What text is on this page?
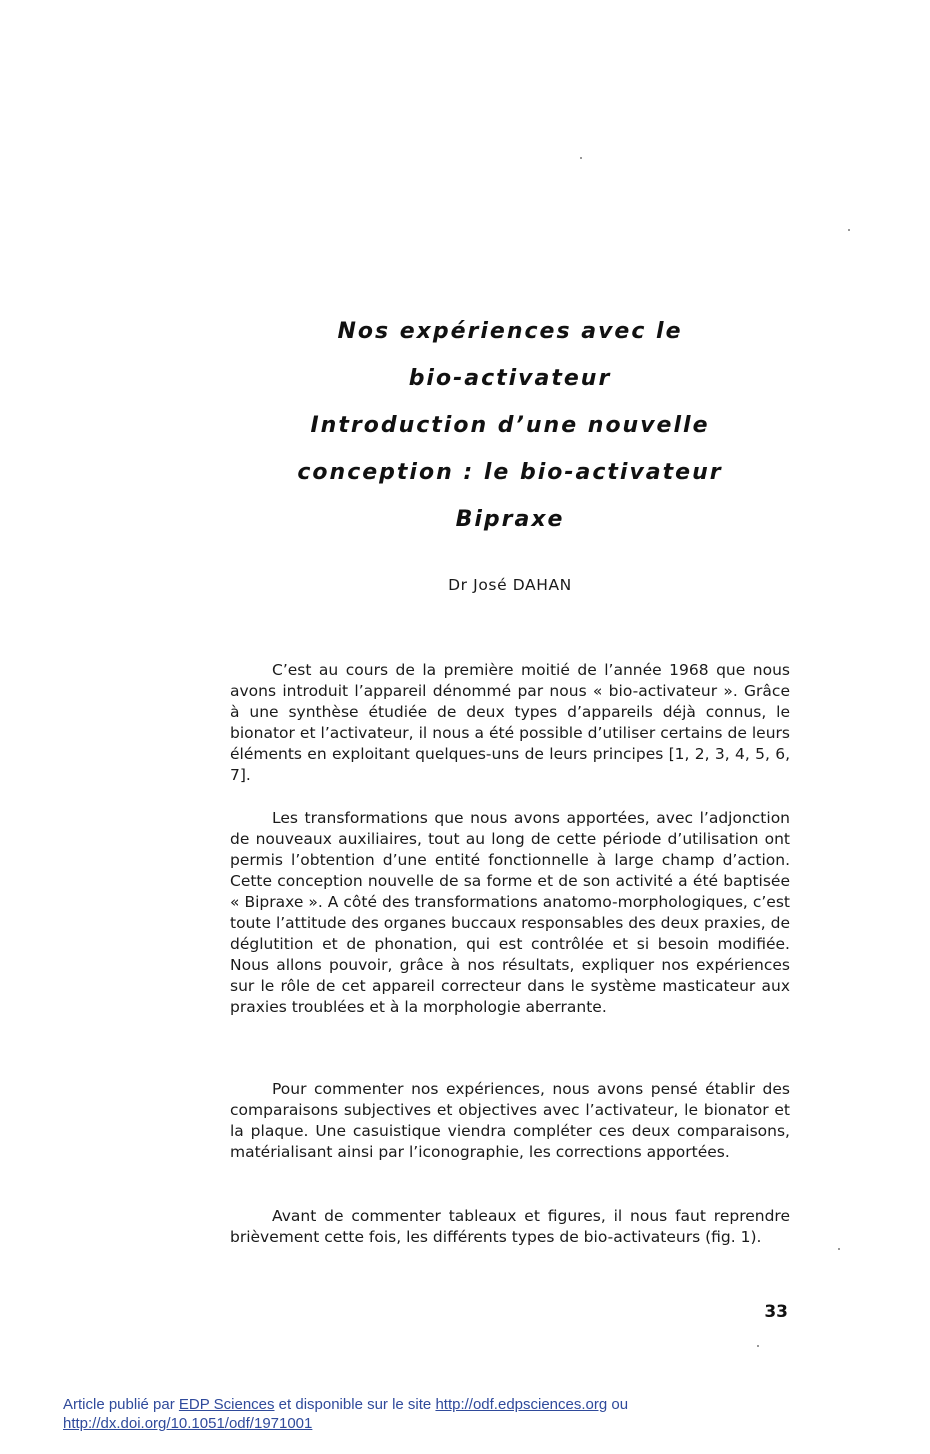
Nos expériences avec le
bio-activateur
Introduction d’une nouvelle
conception : le bio-activateur
Bipraxe
Dr José DAHAN

C’est au cours de la première moitié de l’année 1968 que nous avons introduit l’appareil dénommé par nous « bio-activateur ». Grâce à une synthèse étudiée de deux types d’appareils déjà connus, le bionator et l’activateur, il nous a été possible d’utiliser certains de leurs éléments en exploitant quelques-uns de leurs principes [1, 2, 3, 4, 5, 6, 7].

Les transformations que nous avons apportées, avec l’adjonction de nouveaux auxiliaires, tout au long de cette période d’utilisation ont permis l’obtention d’une entité fonctionnelle à large champ d’action. Cette conception nouvelle de sa forme et de son activité a été baptisée « Bipraxe ». A côté des transformations anatomo-morphologiques, c’est toute l’attitude des organes buccaux responsables des deux praxies, de déglutition et de phonation, qui est contrôlée et si besoin modifiée. Nous allons pouvoir, grâce à nos résultats, expliquer nos expériences sur le rôle de cet appareil correcteur dans le système masticateur aux praxies troublées et à la morphologie aberrante.

Pour commenter nos expériences, nous avons pensé établir des comparaisons subjectives et objectives avec l’activateur, le bionator et la plaque. Une casuistique viendra compléter ces deux comparaisons, matérialisant ainsi par l’iconographie, les corrections apportées.

Avant de commenter tableaux et figures, il nous faut reprendre brièvement cette fois, les différents types de bio-activateurs (fig. 1).

33
Article publié par EDP Sciences et disponible sur le site http://odf.edpsciences.org ou
http://dx.doi.org/10.1051/odf/1971001
